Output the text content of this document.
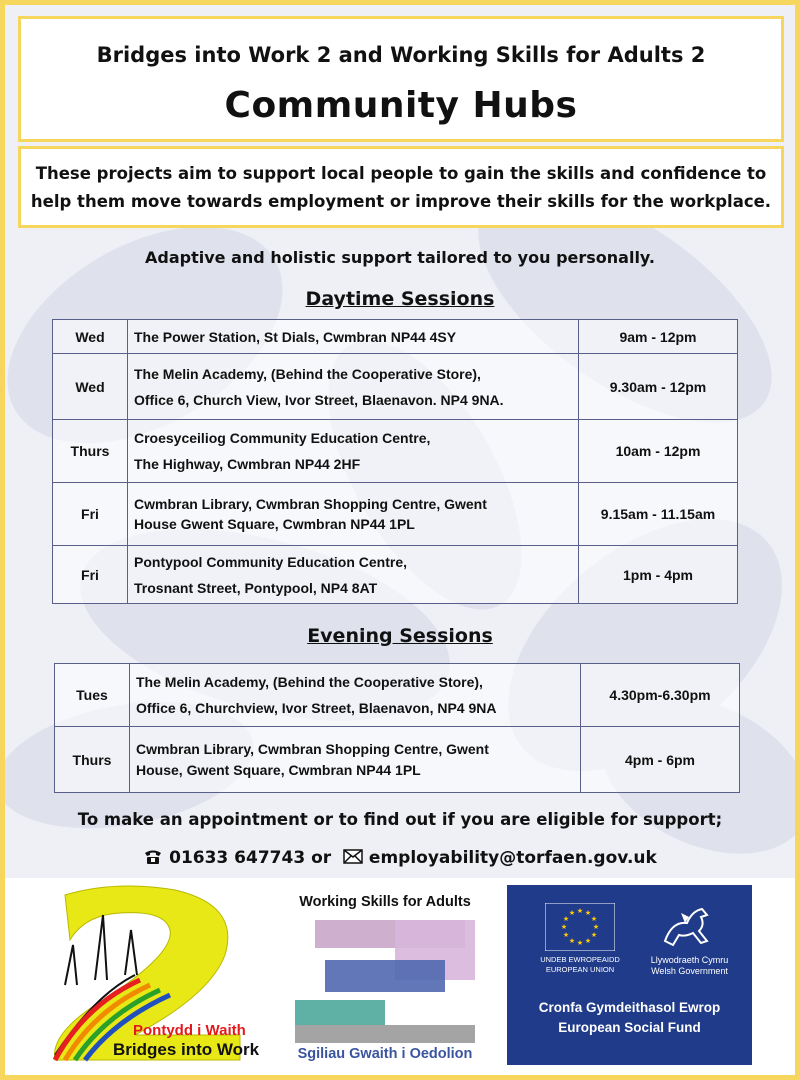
Bridges into Work 2 and Working Skills for Adults 2
Community Hubs
These projects aim to support local people to gain the skills and confidence to
help them move towards employment or improve their skills for the workplace.
Adaptive and holistic support tailored to you personally.
Daytime Sessions
Wed	The Power Station, St Dials, Cwmbran NP44 4SY	9am - 12pm
Wed	The Melin Academy, (Behind the Cooperative Store),
Office 6, Church View, Ivor Street, Blaenavon. NP4 9NA.	9.30am - 12pm
Thurs	Croesyceiliog Community Education Centre,
The Highway, Cwmbran NP44 2HF	10am - 12pm
Fri	Cwmbran Library, Cwmbran Shopping Centre, Gwent
House Gwent Square, Cwmbran NP44 1PL	9.15am - 11.15am
Fri	Pontypool Community Education Centre,
Trosnant Street, Pontypool, NP4 8AT	1pm - 4pm
Evening Sessions
Tues	The Melin Academy, (Behind the Cooperative Store),
Office 6, Churchview, Ivor Street, Blaenavon, NP4 9NA	4.30pm-6.30pm
Thurs	Cwmbran Library, Cwmbran Shopping Centre, Gwent
House, Gwent Square, Cwmbran NP44 1PL	4pm - 6pm
To make an appointment or to find out if you are eligible for support;
01633 647743 or employability@torfaen.gov.uk
Pontydd i Waith
Bridges into Work
Working Skills for Adults
Sgiliau Gwaith i Oedolion
★ ★
★
★
★
★
★
★
★
★
★
★
UNDEB EWROPEAIDD
EUROPEAN UNION
Llywodraeth Cymru
Welsh Government
Cronfa Gymdeithasol Ewrop
European Social Fund
